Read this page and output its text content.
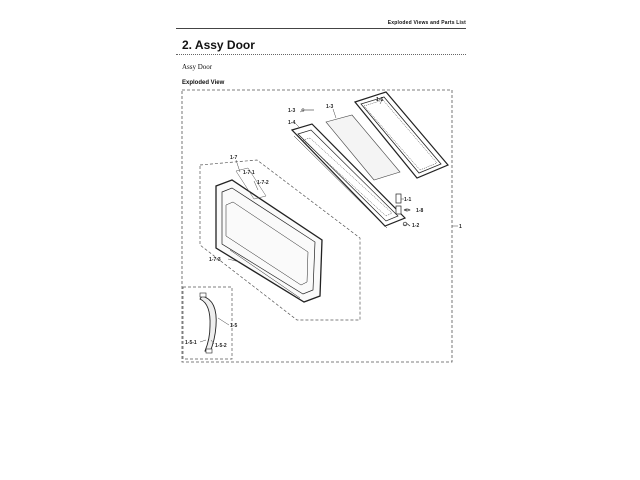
Exploded Views and Parts List
2. Assy Door
Assy Door
Exploded View
1-6
1-3
1-3
1-4
1-1
1-8
1-2	1
1-7
1-7-1
1-7-2
1-7-3
1-5
1-5-1	1-5-2
